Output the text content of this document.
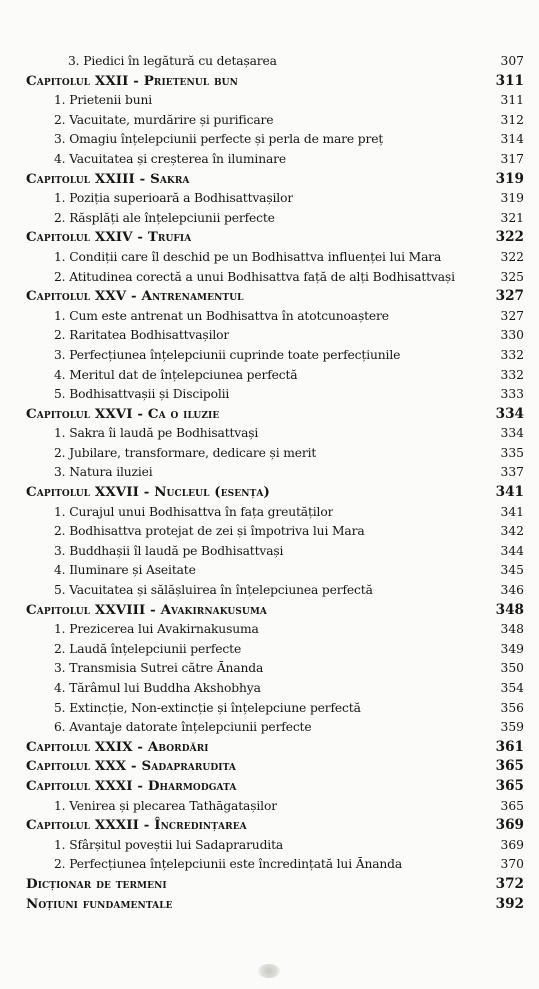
3. Piedici în legătură cu detașarea	307
Capitolul XXII - Prietenul bun	311
1. Prietenii buni	311
2. Vacuitate, murdărire și purificare	312
3. Omagiu înțelepciunii perfecte și perla de mare preț	314
4. Vacuitatea și creșterea în iluminare	317
Capitolul XXIII - Sakra	319
1. Poziția superioară a Bodhisattvașilor	319
2. Răsplăți ale înțelepciunii perfecte	321
Capitolul XXIV - Trufia	322
1. Condiții care îl deschid pe un Bodhisattva influenței lui Mara	322
2. Atitudinea corectă a unui Bodhisattva față de alți Bodhisattvași	325
Capitolul XXV - Antrenamentul	327
1. Cum este antrenat un Bodhisattva în atotcunoaștere	327
2. Raritatea Bodhisattvașilor	330
3. Perfecțiunea înțelepciunii cuprinde toate perfecțiunile	332
4. Meritul dat de înțelepciunea perfectă	332
5. Bodhisattvașii și Discipolii	333
Capitolul XXVI - Ca o iluzie	334
1. Sakra îi laudă pe Bodhisattvași	334
2. Jubilare, transformare, dedicare și merit	335
3. Natura iluziei	337
Capitolul XXVII - Nucleul (esența)	341
1. Curajul unui Bodhisattva în fața greutăților	341
2. Bodhisattva protejat de zei și împotriva lui Mara	342
3. Buddhașii îl laudă pe Bodhisattvași	344
4. Iluminare și Aseitate	345
5. Vacuitatea și sălășluirea în înțelepciunea perfectă	346
Capitolul XXVIII - Avakirnakusuma	348
1. Prezicerea lui Avakirnakusuma	348
2. Laudă înțelepciunii perfecte	349
3. Transmisia Sutrei către Ānanda	350
4. Tărâmul lui Buddha Akshobhya	354
5. Extincție, Non-extincție și înțelepciune perfectă	356
6. Avantaje datorate înțelepciunii perfecte	359
Capitolul XXIX - Abordări	361
Capitolul XXX - Sadaprarudita	365
Capitolul XXXI - Dharmodgata	365
1. Venirea și plecarea Tathāgatașilor	365
Capitolul XXXII - Încredințarea	369
1. Sfârșitul poveștii lui Sadaprarudita	369
2. Perfecțiunea înțelepciunii este încredințată lui Ānanda	370
Dicționar de termeni	372
Noțiuni fundamentale	392
